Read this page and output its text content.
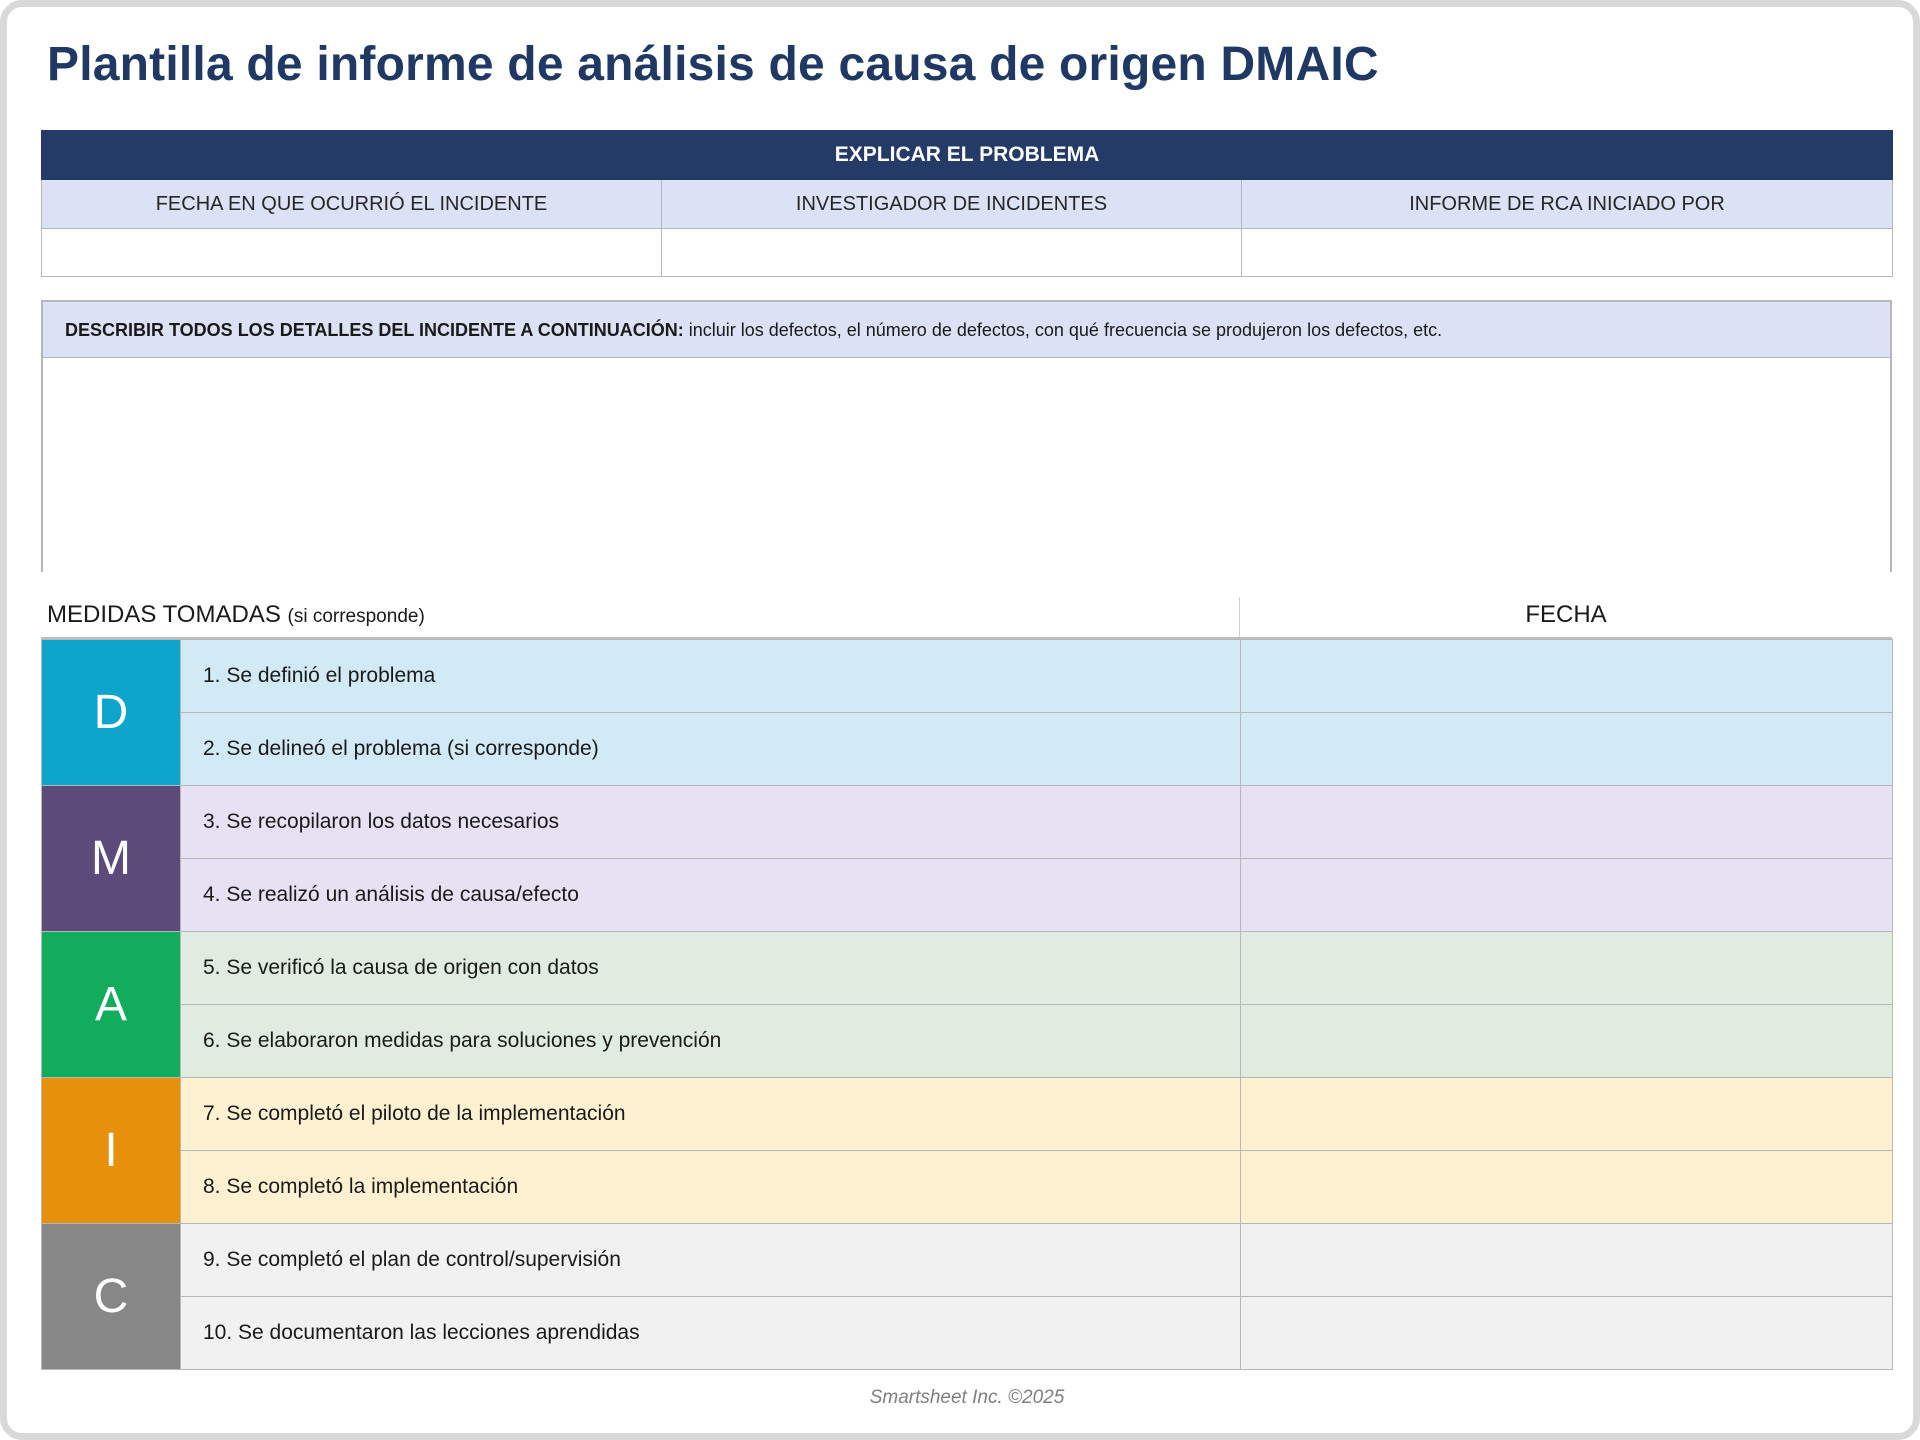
Plantilla de informe de análisis de causa de origen DMAIC
EXPLICAR EL PROBLEMA		
FECHA EN QUE OCURRIÓ EL INCIDENTE	INVESTIGADOR DE INCIDENTES	INFORME DE RCA INICIADO POR

DESCRIBIR TODOS LOS DETALLES DEL INCIDENTE A CONTINUACIÓN: incluir los defectos, el número de defectos, con qué frecuencia se produjeron los defectos, etc.
MEDIDAS TOMADAS (si corresponde)	FECHA
D	1. Se definió el problema	
	2. Se delineó el problema (si corresponde)	
M	3. Se recopilaron los datos necesarios	
	4. Se realizó un análisis de causa/efecto	
A	5. Se verificó la causa de origen con datos	
	6. Se elaboraron medidas para soluciones y prevención	
I	7. Se completó el piloto de la implementación	
	8. Se completó la implementación	
C	9. Se completó el plan de control/supervisión	
	10. Se documentaron las lecciones aprendidas	
Smartsheet Inc. ©2025
